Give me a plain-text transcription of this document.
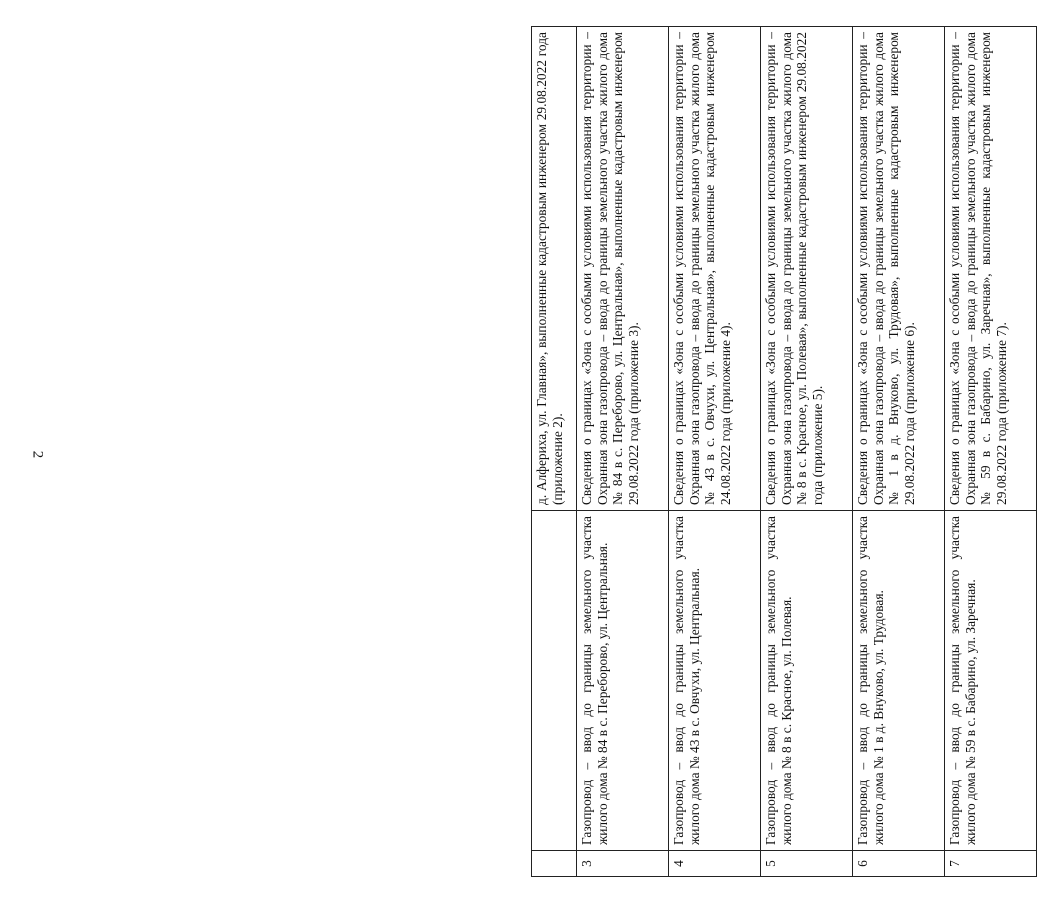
2
			д. Алфериха, ул. Главная», выполненные кадастровым инженером 29.08.2022 года (приложение 2).
3	Газопровод – ввод до границы земельного участка жилого дома № 84 в с. Переборово, ул. Центральная.	Сведения о границах «Зона с особыми условиями использования территории – Охранная зона газопровода – ввода до границы земельного участка жилого дома № 84 в с. Переборово, ул. Центральная», выполненные кадастровым инженером 29.08.2022 года (приложение 3).
4	Газопровод – ввод до границы земельного участка жилого дома № 43 в с. Овчухи, ул. Центральная.	Сведения о границах «Зона с особыми условиями использования территории – Охранная зона газопровода – ввода до границы земельного участка жилого дома № 43 в с. Овчухи, ул. Центральная», выполненные кадастровым инженером 24.08.2022 года (приложение 4).
5	Газопровод – ввод до границы земельного участка жилого дома № 8 в с. Красное, ул. Полевая.	Сведения о границах «Зона с особыми условиями использования территории – Охранная зона газопровода – ввода до границы земельного участка жилого дома № 8 в с. Красное, ул. Полевая», выполненные кадастровым инженером 29.08.2022 года (приложение 5).
6	Газопровод – ввод до границы земельного участка жилого дома № 1 в д. Внуково, ул. Трудовая.	Сведения о границах «Зона с особыми условиями использования территории – Охранная зона газопровода – ввода до границы земельного участка жилого дома № 1 в д. Внуково, ул. Трудовая», выполненные кадастровым инженером 29.08.2022 года (приложение 6).
7	Газопровод – ввод до границы земельного участка жилого дома № 59 в с. Бабарино, ул. Заречная.	Сведения о границах «Зона с особыми условиями использования территории – Охранная зона газопровода – ввода до границы земельного участка жилого дома № 59 в с. Бабарино, ул. Заречная», выполненные кадастровым инженером 29.08.2022 года (приложение 7).
